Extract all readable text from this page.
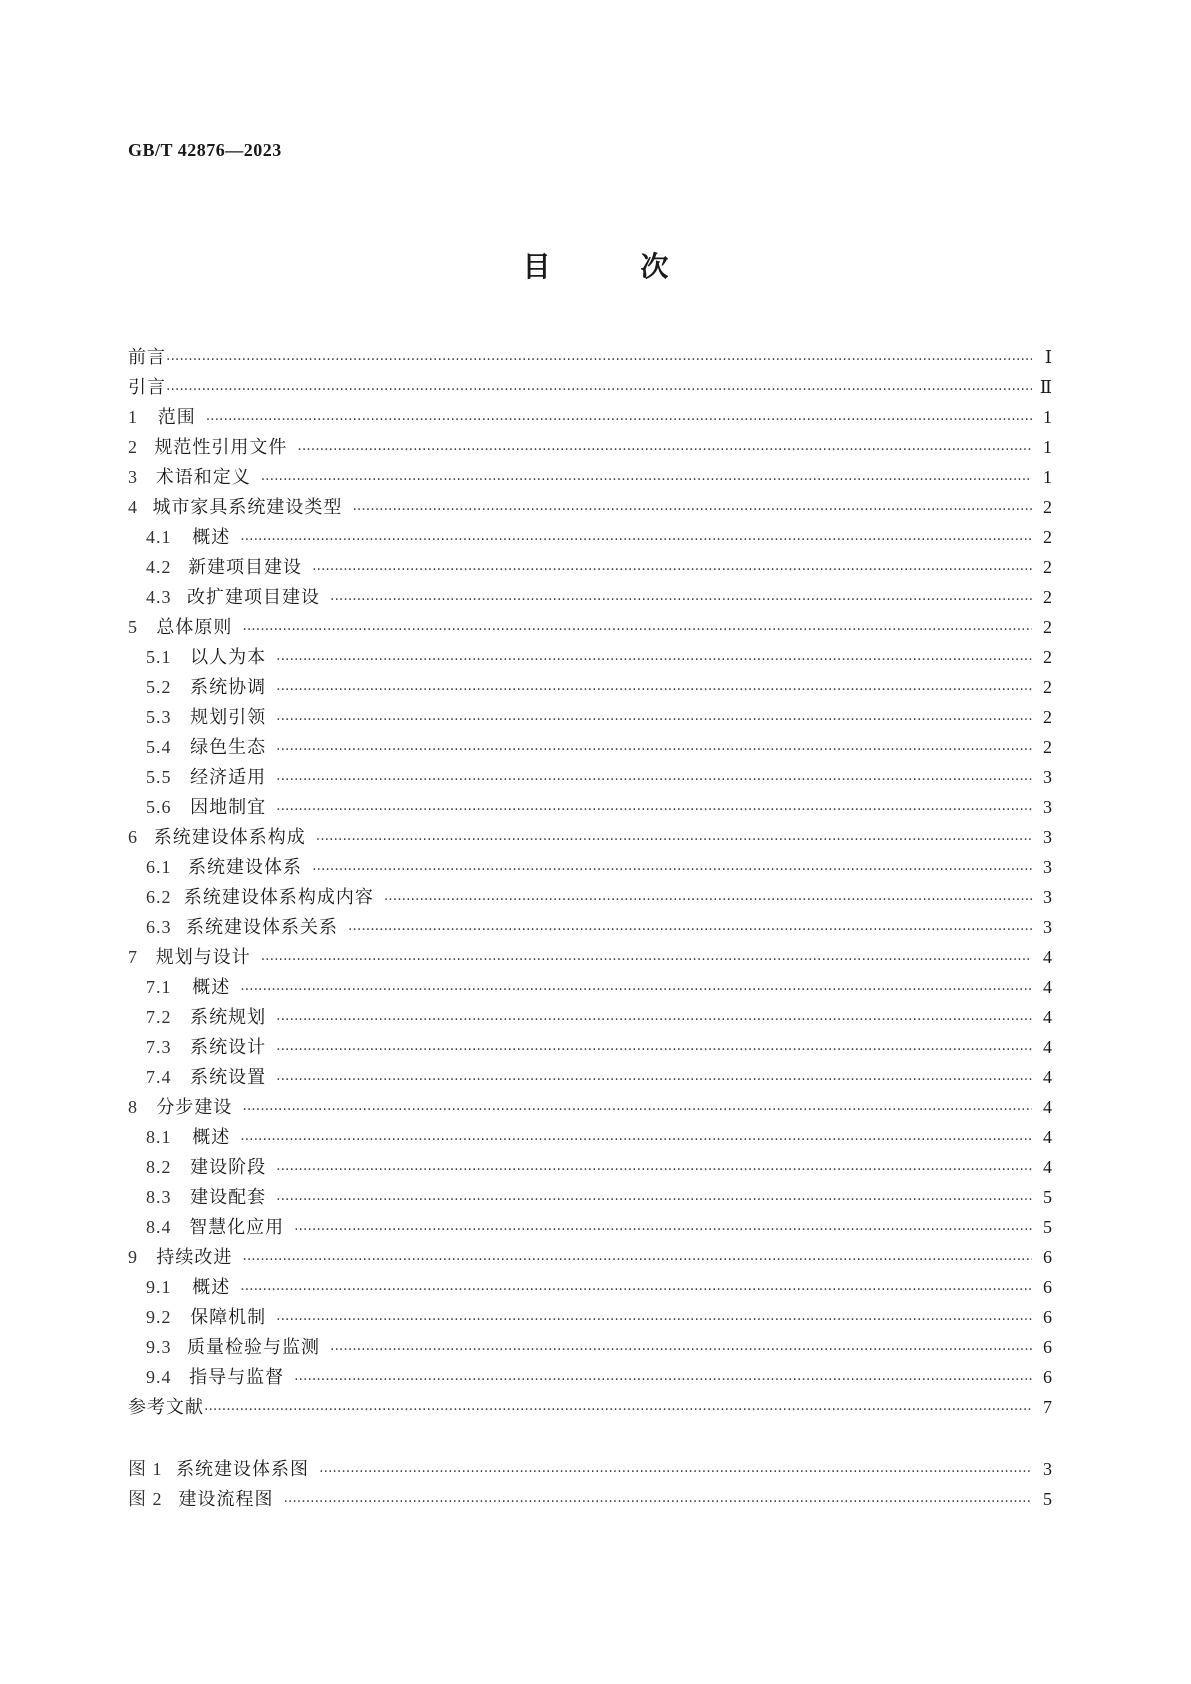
GB/T 42876—2023
目 次
前言 ·····	Ⅰ
引言 ·····	Ⅱ
1	范围 ·····	1
2 规范性引用文件 ·····	1
3 术语和定义 ·····	1
4 城市家具系统建设类型 ·····	2
4.1	概述 ·····	2
4.2 新建项目建设 ·····	2
4.3 改扩建项目建设 ·····	2
5	总体原则 ·····	2
5.1	以人为本 ·····	2
5.2	系统协调 ·····	2
5.3	规划引领 ·····	2
5.4	绿色生态 ·····	2
5.5	经济适用 ·····	3
5.6	因地制宜 ·····	3
6 系统建设体系构成 ·····	3
6.1 系统建设体系 ·····	3
6.2 系统建设体系构成内容 ·····	3
6.3 系统建设体系关系 ·····	3
7 规划与设计 ·····	4
7.1	概述 ·····	4
7.2	系统规划 ·····	4
7.3	系统设计 ·····	4
7.4	系统设置 ·····	4
8	分步建设 ·····	4
8.1	概述 ·····	4
8.2	建设阶段 ·····	4
8.3	建设配套 ·····	5
8.4 智慧化应用 ·····	5
9	持续改进 ·····	6
9.1	概述 ·····	6
9.2	保障机制 ·····	6
9.3 质量检验与监测 ·····	6
9.4 指导与监督 ·····	6
参考文献 ·····	7
图 1 系统建设体系图 ·····	3
图 2 建设流程图 ·····	5
